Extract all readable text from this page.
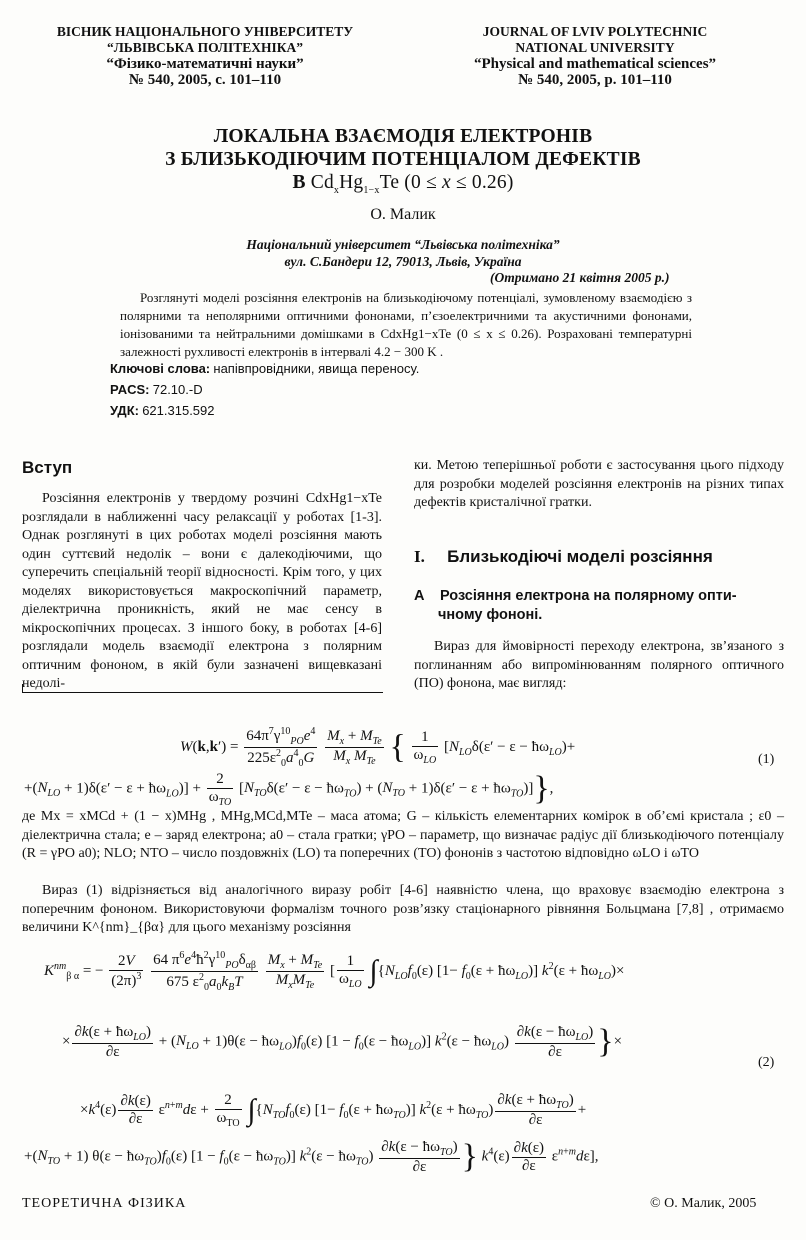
ВІСНИК НАЦІОНАЛЬНОГО УНІВЕРСИТЕТУ
“ЛЬВІВСЬКА ПОЛІТЕХНІКА”
“Фізико-математичні науки”
№ 540, 2005, с. 101–110
JOURNAL OF LVIV POLYTECHNIC
NATIONAL UNIVERSITY
“Physical and mathematical sciences”
№ 540, 2005, p. 101–110
ЛОКАЛЬНА ВЗАЄМОДІЯ ЕЛЕКТРОНІВ
З БЛИЗЬКОДІЮЧИМ ПОТЕНЦІАЛОМ ДЕФЕКТІВ
В $Cd_xHg_{1-x}Te$ (0 ≤ x ≤ 0.26)
О. Малик
Національний університет “Львівська політехніка”
вул. С.Бандери 12, 79013, Львів, Україна
(Отримано 21 квітня 2005 р.)
Розглянуті моделі розсіяння електронів на близькодіючому потенціалі, зумовленому взаємодією з полярними та неполярними оптичними фононами, п’єзоелектричними та акустичними фононами, іонізованими та нейтральними домішками в CdxHg1−xTe (0 ≤ x ≤ 0.26). Розраховані температурні залежності рухливості електронів в інтервалі 4.2 − 300 K .
Ключові слова: напівпровідники, явища переносу.
PACS: 72.10.-D
УДК: 621.315.592
Вступ

Розсіяння електронів у твердому розчині CdxHg1−xTe розглядали в наближенні часу релаксації у роботах [1-3]. Однак розглянуті в цих роботах моделі розсіяння мають один суттєвий недолік – вони є далекодіючими, що суперечить спеціальній теорії відносності. Крім того, у цих моделях використовується макроскопічний параметр, діелектрична проникність, який не має сенсу в мікроскопічних процесах. З іншого боку, в роботах [4-6] розглядали модель взаємодії електрона з полярним оптичним фононом, в якій були зазначені вищевказані недолі-

ки. Метою теперішньої роботи є застосування цього підходу для розробки моделей розсіяння електронів на різних типах дефектів кристалічної гратки.

I. Близькодіючі моделі розсіяння
A Розсіяння електрона на полярному опти-
чному фононі.

Вираз для ймовірності переходу електрона, зв’язаного з поглинанням або випромінюванням полярного оптичного (ПО) фонона, має вигляд:

$W(k,k') = \frac{64\pi^7\gamma^{10}_{PO}e^4}{225\varepsilon^2_0a^4_0G}$
$\frac{M_x + M_{Te}}{M_x M_{Te}}$ { $\frac{1}{\omega_{LO}} [N_{LO}\delta(\varepsilon' - \varepsilon$ − $ħ\omega_{LO})+$
$+(N_{LO} + 1)\delta(\varepsilon' - \varepsilon$ + $ħ\omega_{LO})] + \frac{2}{\omega_{TO}} [N_{TO}\delta(\varepsilon' - \varepsilon$ − $ħ\omega_{TO}) + (N_{TO} + 1)\delta(\varepsilon' - \varepsilon$ + $ħ\omega_{TO}$)]},
(1)

де Mx = xMCd + (1 − x)MHg , MHg,MCd,MTe – маса атома; G – кількість елементарних комірок в об’ємі кристала ; ε0 – діелектрична стала; e – заряд електрона; a0 – стала гратки; γPO – параметр, що визначає радіус дії близькодіючого потенціалу (R = γPO a0); NLO; NTO – число поздовжніх (LO) та поперечних (TO) фононів з частотою відповідно ωLO і ωTO

Вираз (1) відрізняється від аналогічного виразу робіт [4-6] наявністю члена, що враховує взаємодію електрона з поперечним фононом. Використовуючи формалізм точного розв’язку стаціонарного рівняння Больцмана [7,8] , отримаємо величини K^{nm}_{βα} для цього механізму розсіяння

$K^{nm}_{\beta \alpha}$ = − $\frac{2V}{(2\pi)^3}$
$\frac{64 \pi^6e^4ħ^2\gamma^{10}_{PO}\delta_{\alpha\beta}}{675 \varepsilon^2_0a_0k_BT}$
$\frac{M_x + M_{Te}}{M_xM_{Te}}$ [ $\frac{1}{\omega_{LO}} \int\{N_{LO}f_0(\varepsilon)$ [$1- f_0(\varepsilon$ + $ħ\omega_{LO}$)] $k^2(\varepsilon$ + $ħ\omega_{LO})\times$
× $\frac{\partial k(\varepsilon + ħ\omega_{LO})}{\partial\varepsilon} + (N_{LO} + 1)\theta(\varepsilon$ − $ħ\omega_{LO})f_0(\varepsilon)$ [$1 - f_0(\varepsilon$ − $ħ\omega_{LO}$)] $k^2(\varepsilon$ − $ħ\omega_{LO}) \frac{\partial k(\varepsilon - ħ\omega_{LO})}{\partial\varepsilon}$ }×
$\times k^4(\varepsilon) \frac{\partial k(\varepsilon)}{\partial\varepsilon} \varepsilon^{n+m}d\varepsilon + \frac{2}{\omega_{TO}} \int\{N_{TO}f_0(\varepsilon)$ [$1- f_0(\varepsilon$ + $ħ\omega_{TO}$)] $k^2(\varepsilon$ + $ħ\omega_{TO}) \frac{\partial k(\varepsilon + ħ\omega_{TO})}{\partial\varepsilon}$ +
(2)
$+(N_{TO} + 1) \theta(\varepsilon$ − $ħ\omega_{TO})f_0(\varepsilon)$ [$1 - f_0(\varepsilon$ − $ħ\omega_{TO}$)] $k^2(\varepsilon$ − $ħ\omega_{TO}) \frac{\partial k(\varepsilon - ħ\omega_{TO})}{\partial\varepsilon}$ } $k^4(\varepsilon) \frac{\partial k(\varepsilon)}{\partial\varepsilon} \varepsilon^{n+m}d\varepsilon$],
ТЕОРЕТИЧНА ФІЗИКА	© О. Малик, 2005
